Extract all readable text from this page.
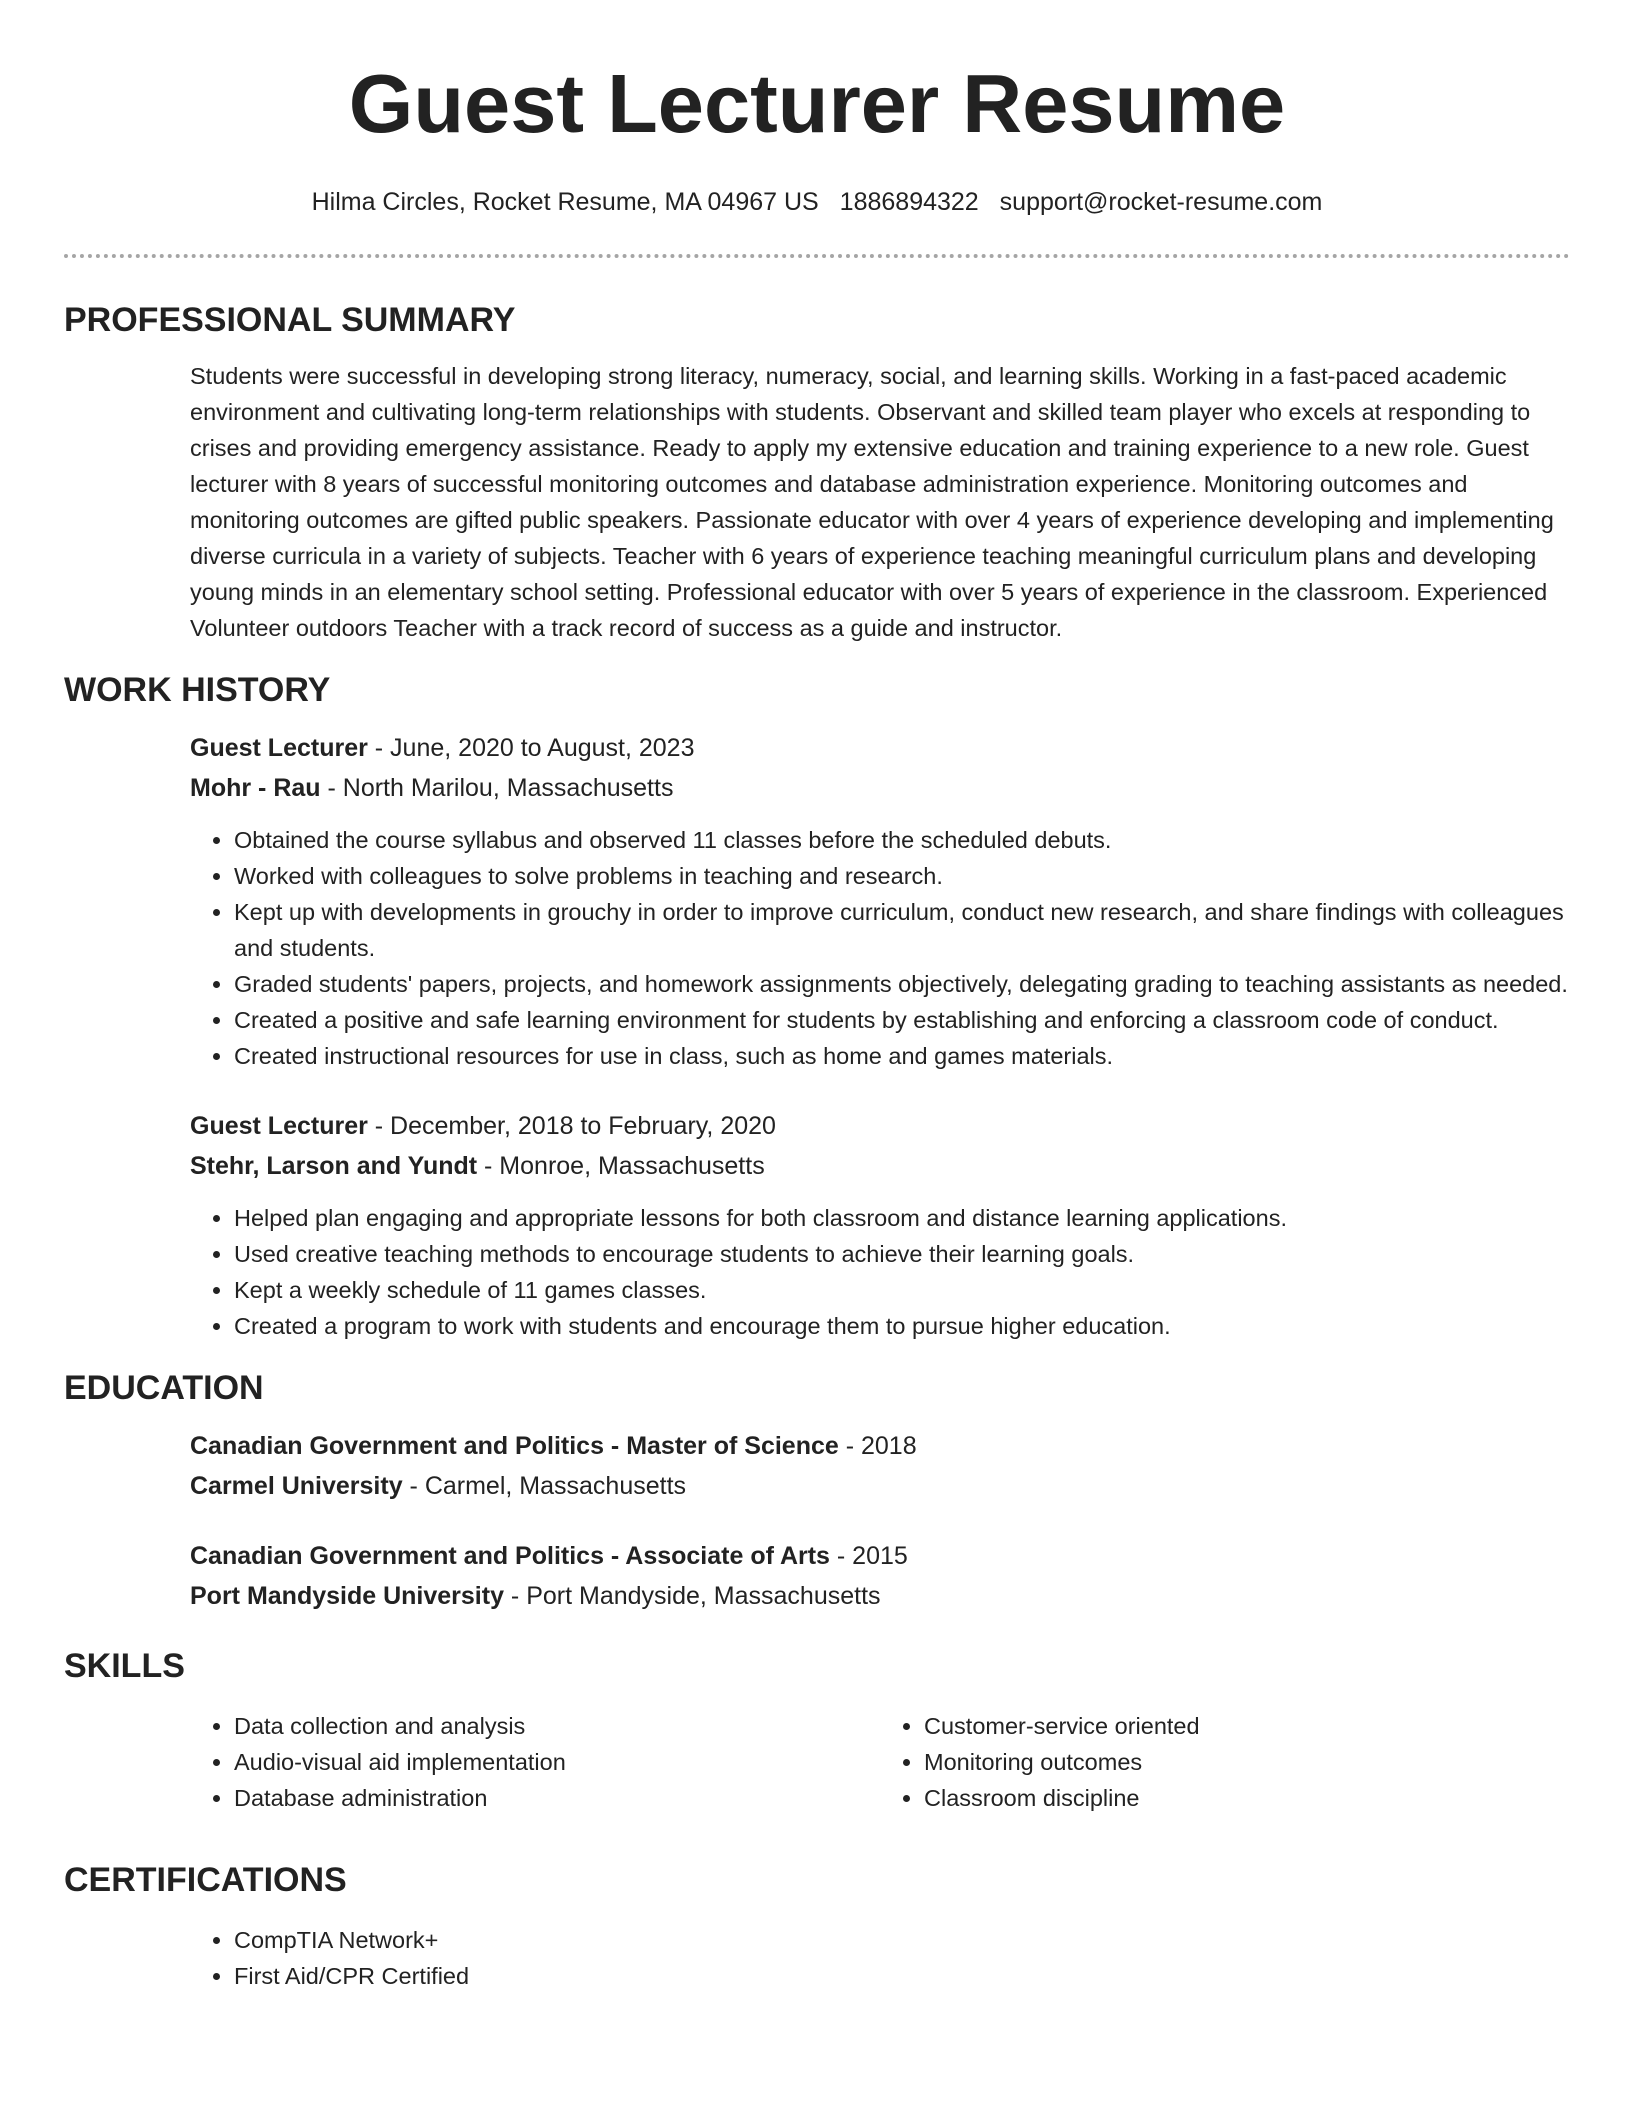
Guest Lecturer Resume
Hilma Circles, Rocket Resume, MA 04967 US 1886894322 support@rocket-resume.com
PROFESSIONAL SUMMARY
Students were successful in developing strong literacy, numeracy, social, and learning skills. Working in a fast-paced academic environment and cultivating long-term relationships with students. Observant and skilled team player who excels at responding to crises and providing emergency assistance. Ready to apply my extensive education and training experience to a new role. Guest lecturer with 8 years of successful monitoring outcomes and database administration experience. Monitoring outcomes and monitoring outcomes are gifted public speakers. Passionate educator with over 4 years of experience developing and implementing diverse curricula in a variety of subjects. Teacher with 6 years of experience teaching meaningful curriculum plans and developing young minds in an elementary school setting. Professional educator with over 5 years of experience in the classroom. Experienced Volunteer outdoors Teacher with a track record of success as a guide and instructor.
WORK HISTORY
Guest Lecturer - June, 2020 to August, 2023
Mohr - Rau - North Marilou, Massachusetts
• Obtained the course syllabus and observed 11 classes before the scheduled debuts.
• Worked with colleagues to solve problems in teaching and research.
• Kept up with developments in grouchy in order to improve curriculum, conduct new research, and share findings with colleagues and students.
• Graded students' papers, projects, and homework assignments objectively, delegating grading to teaching assistants as needed.
• Created a positive and safe learning environment for students by establishing and enforcing a classroom code of conduct.
• Created instructional resources for use in class, such as home and games materials.
Guest Lecturer - December, 2018 to February, 2020
Stehr, Larson and Yundt - Monroe, Massachusetts
• Helped plan engaging and appropriate lessons for both classroom and distance learning applications.
• Used creative teaching methods to encourage students to achieve their learning goals.
• Kept a weekly schedule of 11 games classes.
• Created a program to work with students and encourage them to pursue higher education.
EDUCATION
Canadian Government and Politics - Master of Science - 2018
Carmel University - Carmel, Massachusetts
Canadian Government and Politics - Associate of Arts - 2015
Port Mandyside University - Port Mandyside, Massachusetts
SKILLS
• Data collection and analysis
• Audio-visual aid implementation
• Database administration
• Customer-service oriented
• Monitoring outcomes
• Classroom discipline
CERTIFICATIONS
• CompTIA Network+
• First Aid/CPR Certified
